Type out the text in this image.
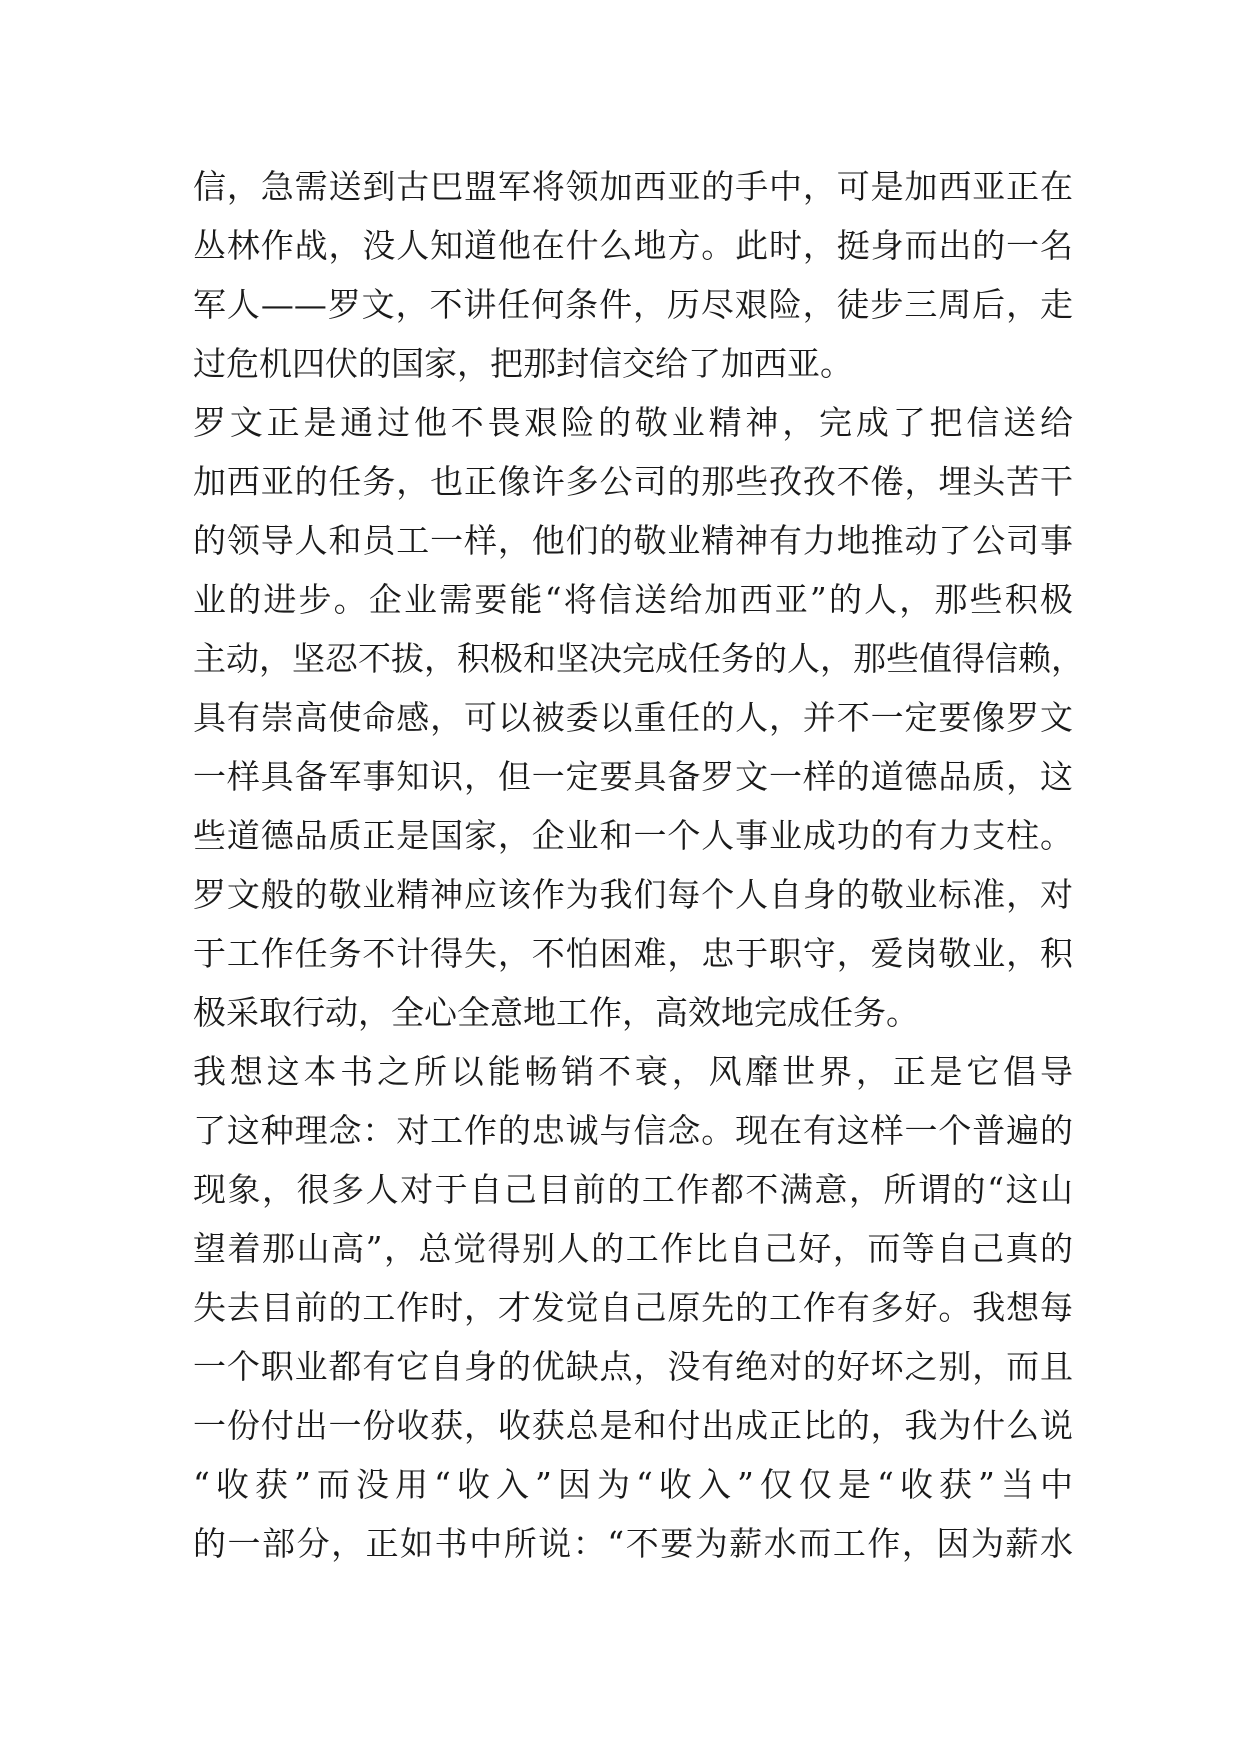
信，急需送到古巴盟军将领加西亚的手中，可是加西亚正在
丛林作战，没人知道他在什么地方。此时，挺身而出的一名
军人——罗文，不讲任何条件，历尽艰险，徒步三周后，走
过危机四伏的国家，把那封信交给了加西亚。
罗文正是通过他不畏艰险的敬业精神，完成了把信送给
加西亚的任务，也正像许多公司的那些孜孜不倦，埋头苦干
的领导人和员工一样，他们的敬业精神有力地推动了公司事
业的进步。企业需要能“将信送给加西亚”的人，那些积极
主动，坚忍不拔，积极和坚决完成任务的人，那些值得信赖，
具有崇高使命感，可以被委以重任的人，并不一定要像罗文
一样具备军事知识，但一定要具备罗文一样的道德品质，这
些道德品质正是国家，企业和一个人事业成功的有力支柱。
罗文般的敬业精神应该作为我们每个人自身的敬业标准，对
于工作任务不计得失，不怕困难，忠于职守，爱岗敬业，积
极采取行动，全心全意地工作，高效地完成任务。
我想这本书之所以能畅销不衰，风靡世界，正是它倡导
了这种理念：对工作的忠诚与信念。现在有这样一个普遍的
现象，很多人对于自己目前的工作都不满意，所谓的“这山
望着那山高”，总觉得别人的工作比自己好，而等自己真的
失去目前的工作时，才发觉自己原先的工作有多好。我想每
一个职业都有它自身的优缺点，没有绝对的好坏之别，而且
一份付出一份收获，收获总是和付出成正比的，我为什么说
“收获”而没用“收入”因为“收入”仅仅是“收获”当中
的一部分，正如书中所说：“不要为薪水而工作，因为薪水
